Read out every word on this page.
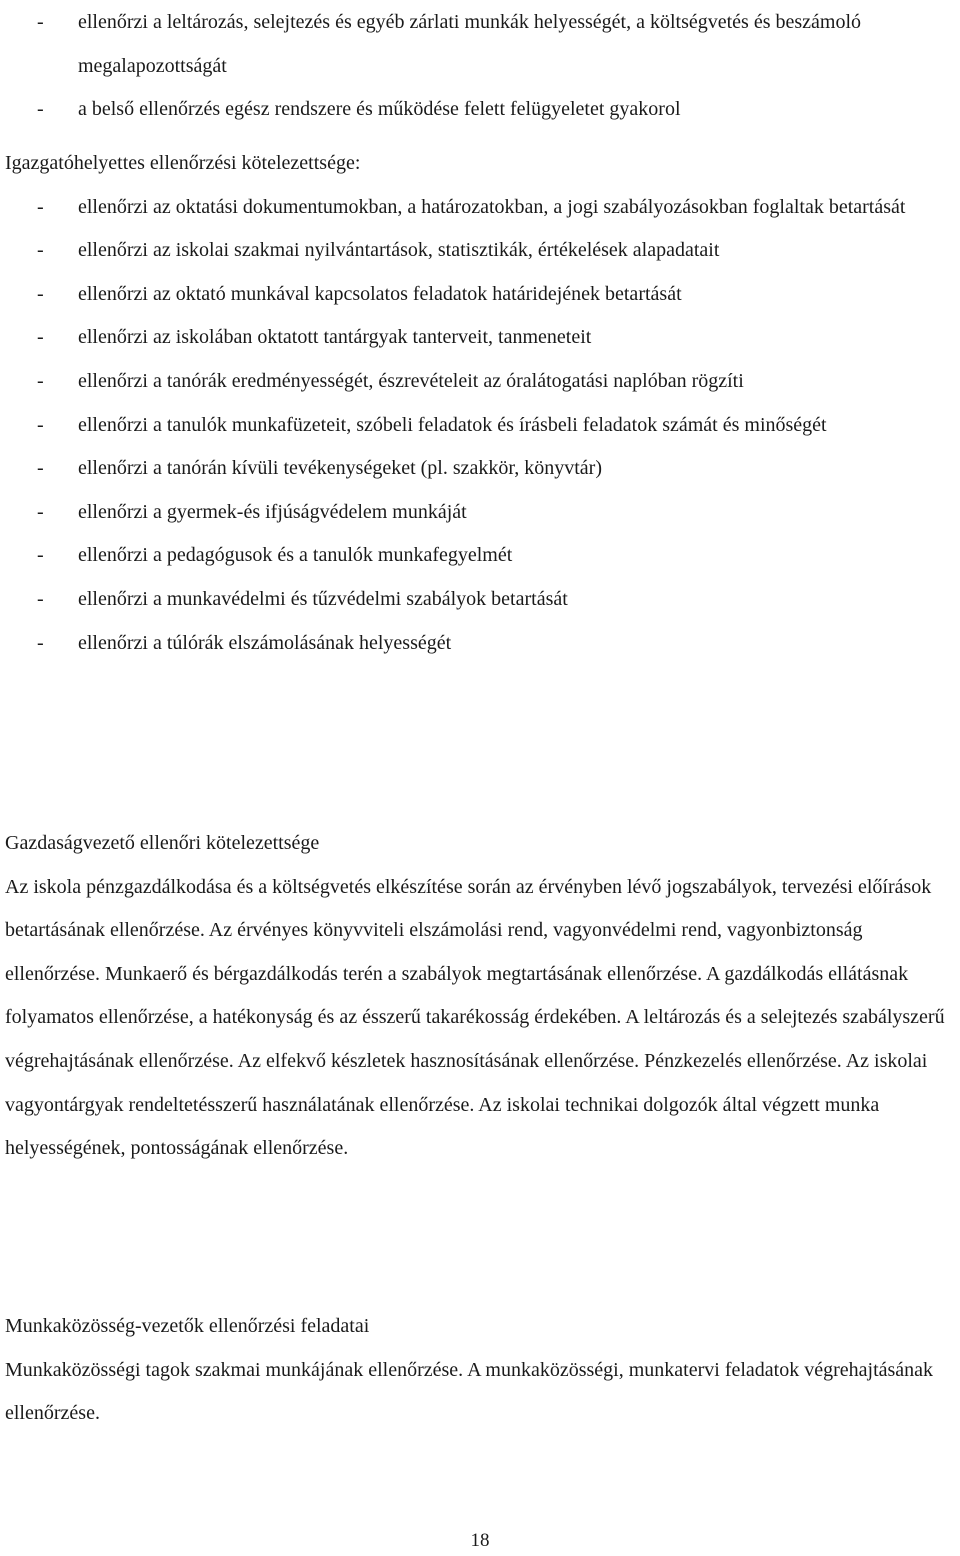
- ellenőrzi a leltározás, selejtezés és egyéb zárlati munkák helyességét, a költségvetés és beszámoló megalapozottságát
- a belső ellenőrzés egész rendszere és működése felett felügyeletet gyakorol
Igazgatóhelyettes ellenőrzési kötelezettsége:
- ellenőrzi az oktatási dokumentumokban, a határozatokban, a jogi szabályozásokban foglaltak betartását
- ellenőrzi az iskolai szakmai nyilvántartások, statisztikák, értékelések alapadatait
- ellenőrzi az oktató munkával kapcsolatos feladatok határidejének betartását
- ellenőrzi az iskolában oktatott tantárgyak tanterveit, tanmeneteit
- ellenőrzi a tanórák eredményességét, észrevételeit az óralátogatási naplóban rögzíti
- ellenőrzi a tanulók munkafüzeteit, szóbeli feladatok és írásbeli feladatok számát és minőségét
- ellenőrzi a tanórán kívüli tevékenységeket (pl. szakkör, könyvtár)
- ellenőrzi a gyermek-és ifjúságvédelem munkáját
- ellenőrzi a pedagógusok és a tanulók munkafegyelmét
- ellenőrzi a munkavédelmi és tűzvédelmi szabályok betartását
- ellenőrzi a túlórák elszámolásának helyességét
Gazdaságvezető ellenőri kötelezettsége
Az iskola pénzgazdálkodása és a költségvetés elkészítése során az érvényben lévő jogszabályok, tervezési előírások betartásának ellenőrzése. Az érvényes könyvviteli elszámolási rend, vagyonvédelmi rend, vagyonbiztonság ellenőrzése. Munkaerő és bérgazdálkodás terén a szabályok megtartásának ellenőrzése. A gazdálkodás ellátásnak folyamatos ellenőrzése, a hatékonyság és az ésszerű takarékosság érdekében. A leltározás és a selejtezés szabályszerű végrehajtásának ellenőrzése. Az elfekvő készletek hasznosításának ellenőrzése. Pénzkezelés ellenőrzése. Az iskolai vagyontárgyak rendeltetésszerű használatának ellenőrzése. Az iskolai technikai dolgozók által végzett munka helyességének, pontosságának ellenőrzése.
Munkaközösség-vezetők ellenőrzési feladatai
Munkaközösségi tagok szakmai munkájának ellenőrzése. A munkaközösségi, munkatervi feladatok végrehajtásának ellenőrzése.
18
